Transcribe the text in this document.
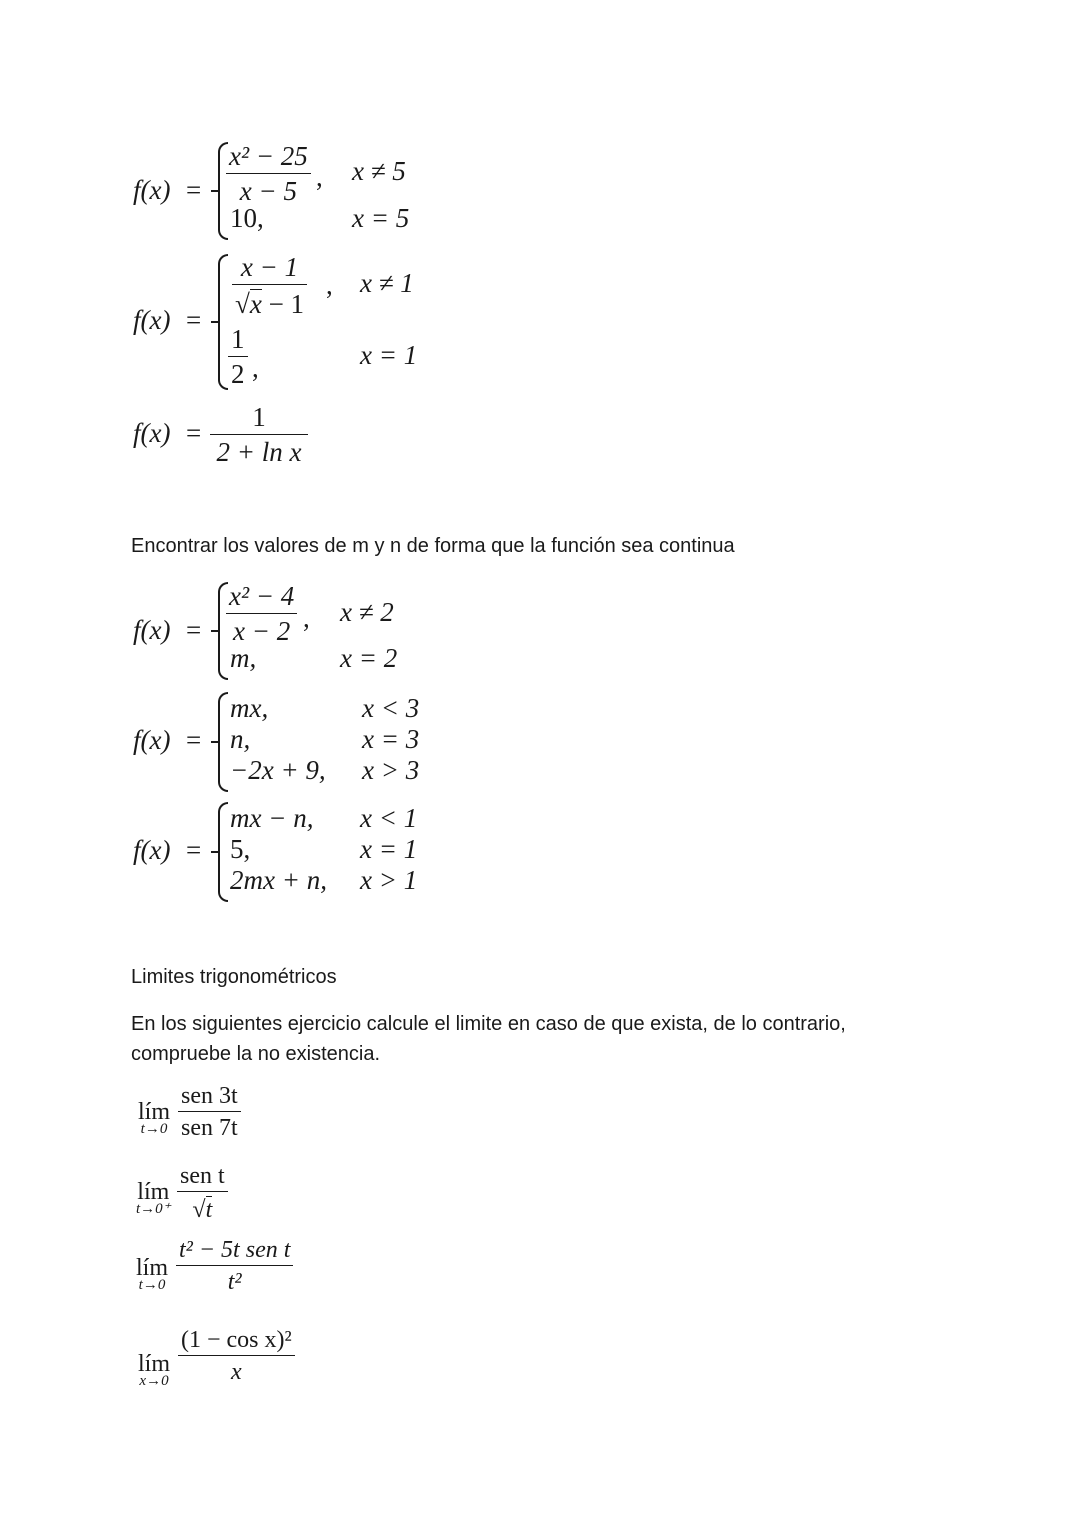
f(x) =
x² − 25
x − 5 , x ≠ 5
10,	x = 5
f(x) =
x − 1
√x − 1
, x ≠ 1
1
2 ,	x = 1
f(x) =
1
2 + ln x
Encontrar los valores de m y n de forma que la función sea continua
f(x) =
x² − 4
x − 2 , x ≠ 2
m,	x = 2
f(x) =
mx,	x < 3
n,	x = 3
−2x + 9, x > 3
f(x) =
mx − n, x < 1
5,	x = 1
2mx + n, x > 1
Limites trigonométricos
En los siguientes ejercicio calcule el limite en caso de que exista, de lo contrario,
compruebe la no existencia.
lím
t→0
sen 3t
sen 7t
lím
t→0⁺
sen t
√t
lím
t→0
t² − 5t sen t
t²
lím
x→0
(1 − cos x)²
x
